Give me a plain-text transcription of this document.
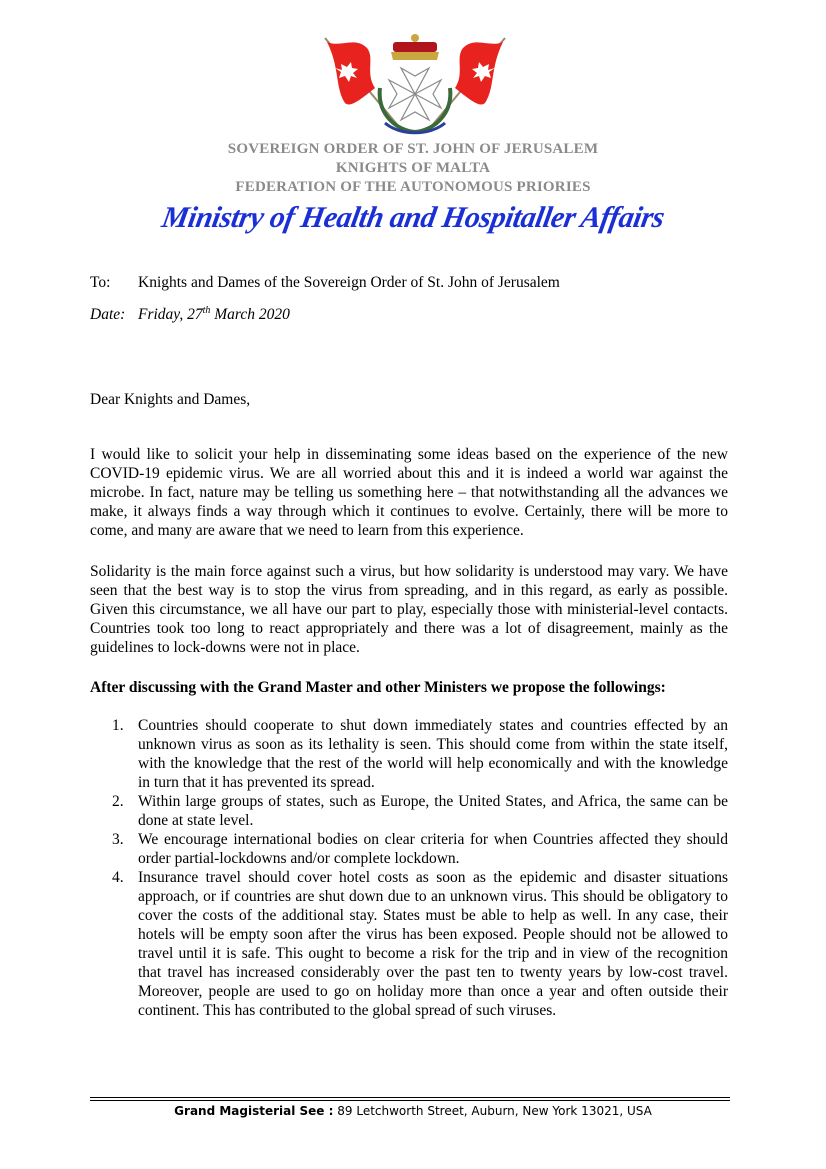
SOVEREIGN ORDER OF ST. JOHN OF JERUSALEM
KNIGHTS OF MALTA
FEDERATION OF THE AUTONOMOUS PRIORIES
Ministry of Health and Hospitaller Affairs
To: Knights and Dames of the Sovereign Order of St. John of Jerusalem
Date: Friday, 27th March 2020
Dear Knights and Dames,
I would like to solicit your help in disseminating some ideas based on the experience of the new COVID-19 epidemic virus. We are all worried about this and it is indeed a world war against the microbe. In fact, nature may be telling us something here – that notwithstanding all the advances we make, it always finds a way through which it continues to evolve. Certainly, there will be more to come, and many are aware that we need to learn from this experience.
Solidarity is the main force against such a virus, but how solidarity is understood may vary. We have seen that the best way is to stop the virus from spreading, and in this regard, as early as possible. Given this circumstance, we all have our part to play, especially those with ministerial-level contacts. Countries took too long to react appropriately and there was a lot of disagreement, mainly as the guidelines to lock-downs were not in place.
After discussing with the Grand Master and other Ministers we propose the followings:
1. Countries should cooperate to shut down immediately states and countries effected by an unknown virus as soon as its lethality is seen. This should come from within the state itself, with the knowledge that the rest of the world will help economically and with the knowledge in turn that it has prevented its spread.
2. Within large groups of states, such as Europe, the United States, and Africa, the same can be done at state level.
3. We encourage international bodies on clear criteria for when Countries affected they should order partial-lockdowns and/or complete lockdown.
4. Insurance travel should cover hotel costs as soon as the epidemic and disaster situations approach, or if countries are shut down due to an unknown virus. This should be obligatory to cover the costs of the additional stay. States must be able to help as well. In any case, their hotels will be empty soon after the virus has been exposed. People should not be allowed to travel until it is safe. This ought to become a risk for the trip and in view of the recognition that travel has increased considerably over the past ten to twenty years by low-cost travel. Moreover, people are used to go on holiday more than once a year and often outside their continent. This has contributed to the global spread of such viruses.
Grand Magisterial See : 89 Letchworth Street, Auburn, New York 13021, USA
